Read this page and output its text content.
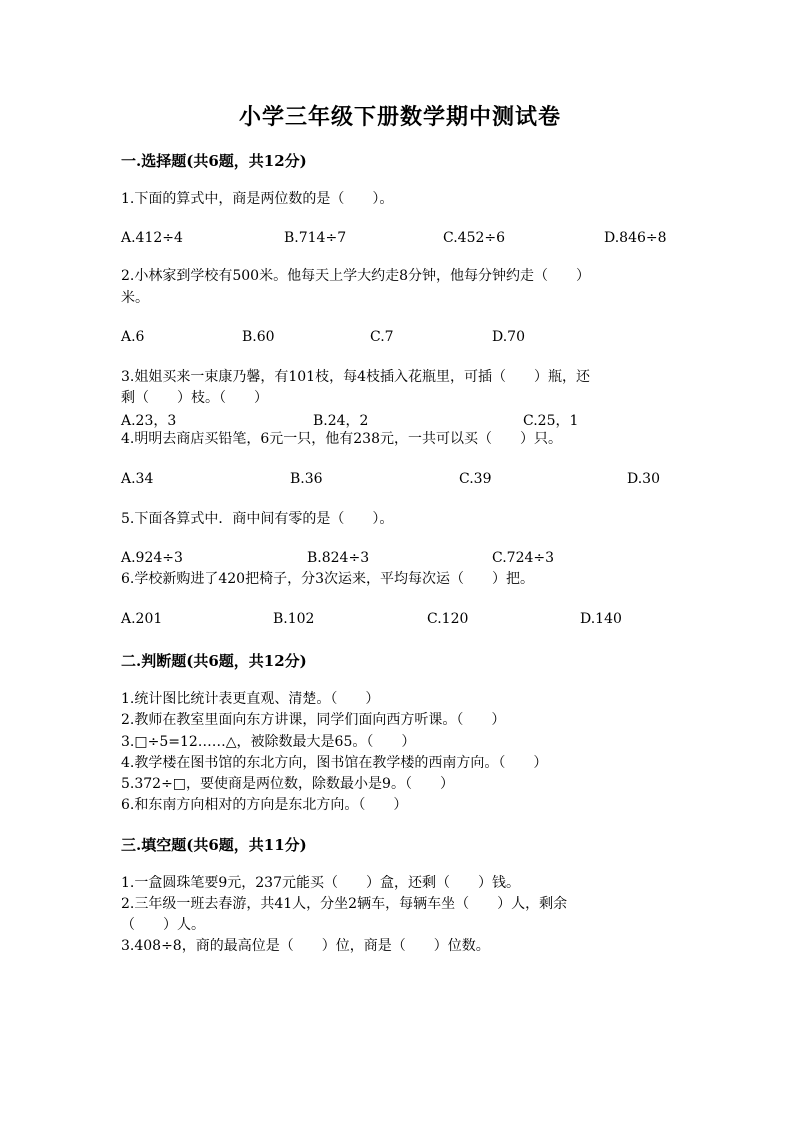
小学三年级下册数学期中测试卷
一.选择题(共6题，共12分)
1.下面的算式中，商是两位数的是（　　）。
A.412÷4	B.714÷7	C.452÷6	D.846÷8
2.小林家到学校有500米。他每天上学大约走8分钟，他每分钟约走（　　）
米。
A.6	B.60	C.7	D.70
3.姐姐买来一束康乃馨，有101枝，每4枝插入花瓶里，可插（　　）瓶，还
剩（　　）枝。（　　）
A.23，3	B.24，2	C.25，1
4.明明去商店买铅笔，6元一只，他有238元，一共可以买（　　）只。
A.34	B.36	C.39	D.30
5.下面各算式中．商中间有零的是（　　）。
A.924÷3	B.824÷3	C.724÷3
6.学校新购进了420把椅子，分3次运来，平均每次运（　　）把。
A.201	B.102	C.120	D.140
二.判断题(共6题，共12分)
1.统计图比统计表更直观、清楚。（　　）
2.教师在教室里面向东方讲课，同学们面向西方听课。（　　）
3.□÷5=12……△，被除数最大是65。（　　）
4.教学楼在图书馆的东北方向，图书馆在教学楼的西南方向。（　　）
5.372÷□，要使商是两位数，除数最小是9。（　　）
6.和东南方向相对的方向是东北方向。（　　）
三.填空题(共6题，共11分)
1.一盒圆珠笔要9元，237元能买（　　）盒，还剩（　　）钱。
2.三年级一班去春游，共41人，分坐2辆车，每辆车坐（　　）人，剩余
（　　）人。
3.408÷8，商的最高位是（　　）位，商是（　　）位数。
